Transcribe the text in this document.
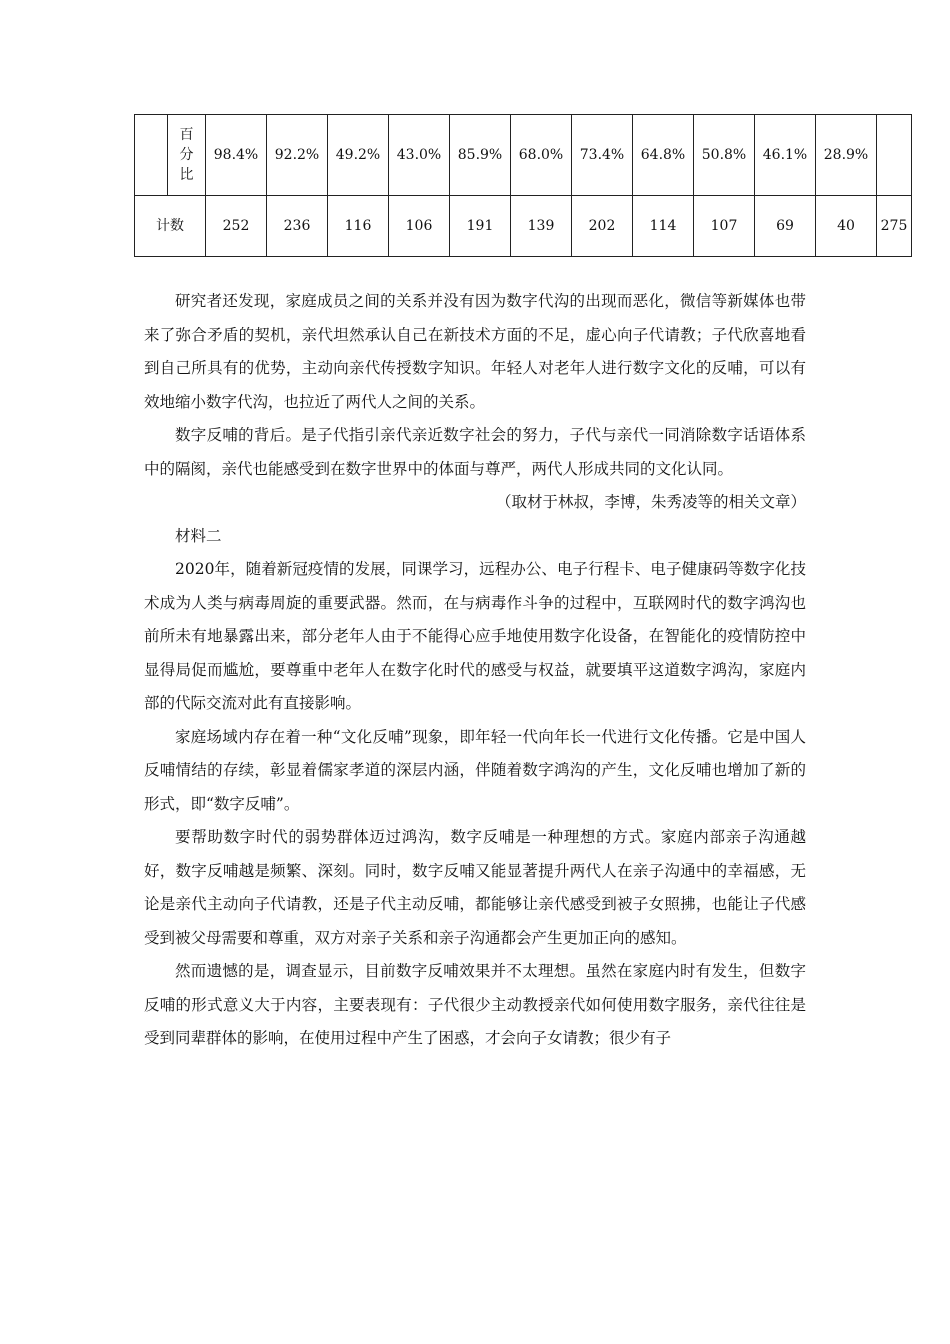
	百分比	98.4%	92.2%	49.2%	43.0%	85.9%	68.0%	73.4%	64.8%	50.8%	46.1%	28.9%	
计数		252	236	116	106	191	139	202	114	107	69	40	275

研究者还发现，家庭成员之间的关系并没有因为数字代沟的出现而恶化，微信等新媒体也带来了弥合矛盾的契机，亲代坦然承认自己在新技术方面的不足，虚心向子代请教；子代欣喜地看到自己所具有的优势，主动向亲代传授数字知识。年轻人对老年人进行数字文化的反哺，可以有效地缩小数字代沟，也拉近了两代人之间的关系。

数字反哺的背后。是子代指引亲代亲近数字社会的努力，子代与亲代一同消除数字话语体系中的隔阂，亲代也能感受到在数字世界中的体面与尊严，两代人形成共同的文化认同。

（取材于林叔，李博，朱秀凌等的相关文章）

材料二

2020年，随着新冠疫情的发展，同课学习，远程办公、电子行程卡、电子健康码等数字化技术成为人类与病毒周旋的重要武器。然而，在与病毒作斗争的过程中，互联网时代的数字鸿沟也前所未有地暴露出来，部分老年人由于不能得心应手地使用数字化设备，在智能化的疫情防控中显得局促而尴尬，要尊重中老年人在数字化时代的感受与权益，就要填平这道数字鸿沟，家庭内部的代际交流对此有直接影响。

家庭场域内存在着一种“文化反哺”现象，即年轻一代向年长一代进行文化传播。它是中国人反哺情结的存续，彰显着儒家孝道的深层内涵，伴随着数字鸿沟的产生，文化反哺也增加了新的形式，即“数字反哺”。

要帮助数字时代的弱势群体迈过鸿沟，数字反哺是一种理想的方式。家庭内部亲子沟通越好，数字反哺越是频繁、深刻。同时，数字反哺又能显著提升两代人在亲子沟通中的幸福感，无论是亲代主动向子代请教，还是子代主动反哺，都能够让亲代感受到被子女照拂，也能让子代感受到被父母需要和尊重，双方对亲子关系和亲子沟通都会产生更加正向的感知。

然而遗憾的是，调查显示，目前数字反哺效果并不太理想。虽然在家庭内时有发生，但数字反哺的形式意义大于内容，主要表现有：子代很少主动教授亲代如何使用数字服务，亲代往往是受到同辈群体的影响，在使用过程中产生了困惑，才会向子女请教；很少有子
